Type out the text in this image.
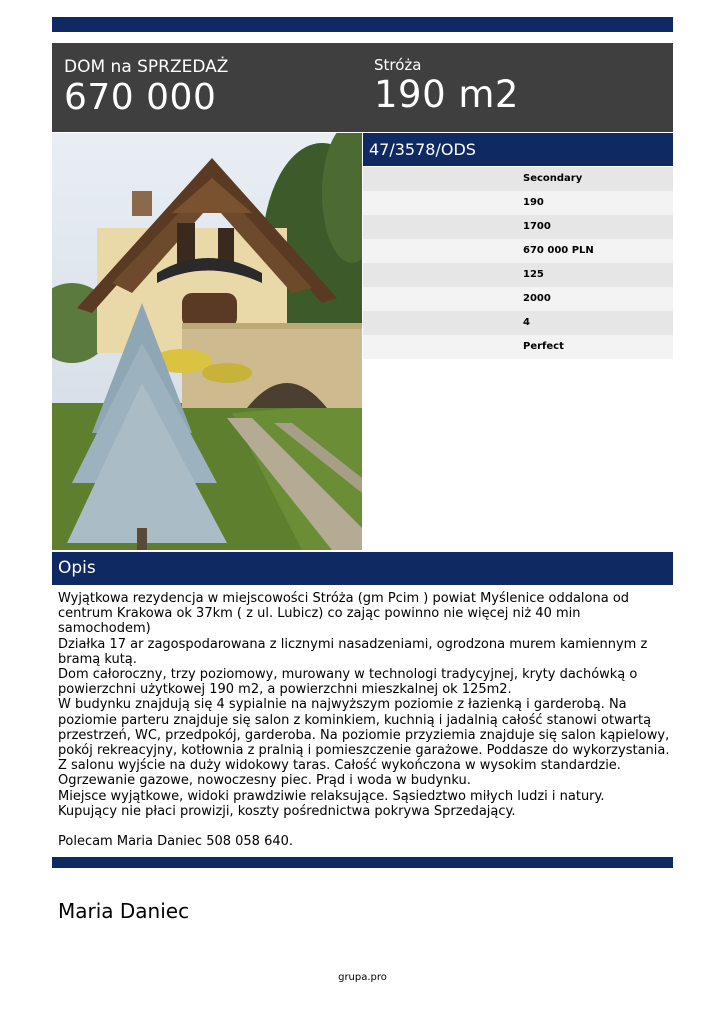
DOM na SPRZEDAŻ
670 000
Stróża
190 m2
47/3578/ODS
Secondary
190
1700
670 000 PLN
125
2000
4
Perfect
Opis

Wyjątkowa rezydencja w miejscowości Stróża (gm Pcim ) powiat Myślenice oddalona od centrum Krakowa ok 37km ( z ul. Lubicz) co zając powinno nie więcej niż 40 min samochodem)

Działka 17 ar zagospodarowana z licznymi nasadzeniami, ogrodzona murem kamiennym z bramą kutą.

Dom całoroczny, trzy poziomowy, murowany w technologi tradycyjnej, kryty dachówką o powierzchni użytkowej 190 m2, a powierzchni mieszkalnej ok 125m2.

W budynku znajdują się 4 sypialnie na najwyższym poziomie z łazienką i garderobą. Na poziomie parteru znajduje się salon z kominkiem, kuchnią i jadalnią całość stanowi otwartą przestrzeń, WC, przedpokój, garderoba. Na poziomie przyziemia znajduje się salon kąpielowy, pokój rekreacyjny, kotłownia z pralnią i pomieszczenie garażowe. Poddasze do wykorzystania.

Z salonu wyjście na duży widokowy taras. Całość wykończona w wysokim standardzie. Ogrzewanie gazowe, nowoczesny piec. Prąd i woda w budynku.

Miejsce wyjątkowe, widoki prawdziwie relaksujące. Sąsiedztwo miłych ludzi i natury.

Kupujący nie płaci prowizji, koszty pośrednictwa pokrywa Sprzedający.

Polecam Maria Daniec 508 058 640.

Maria Daniec
grupa.pro
